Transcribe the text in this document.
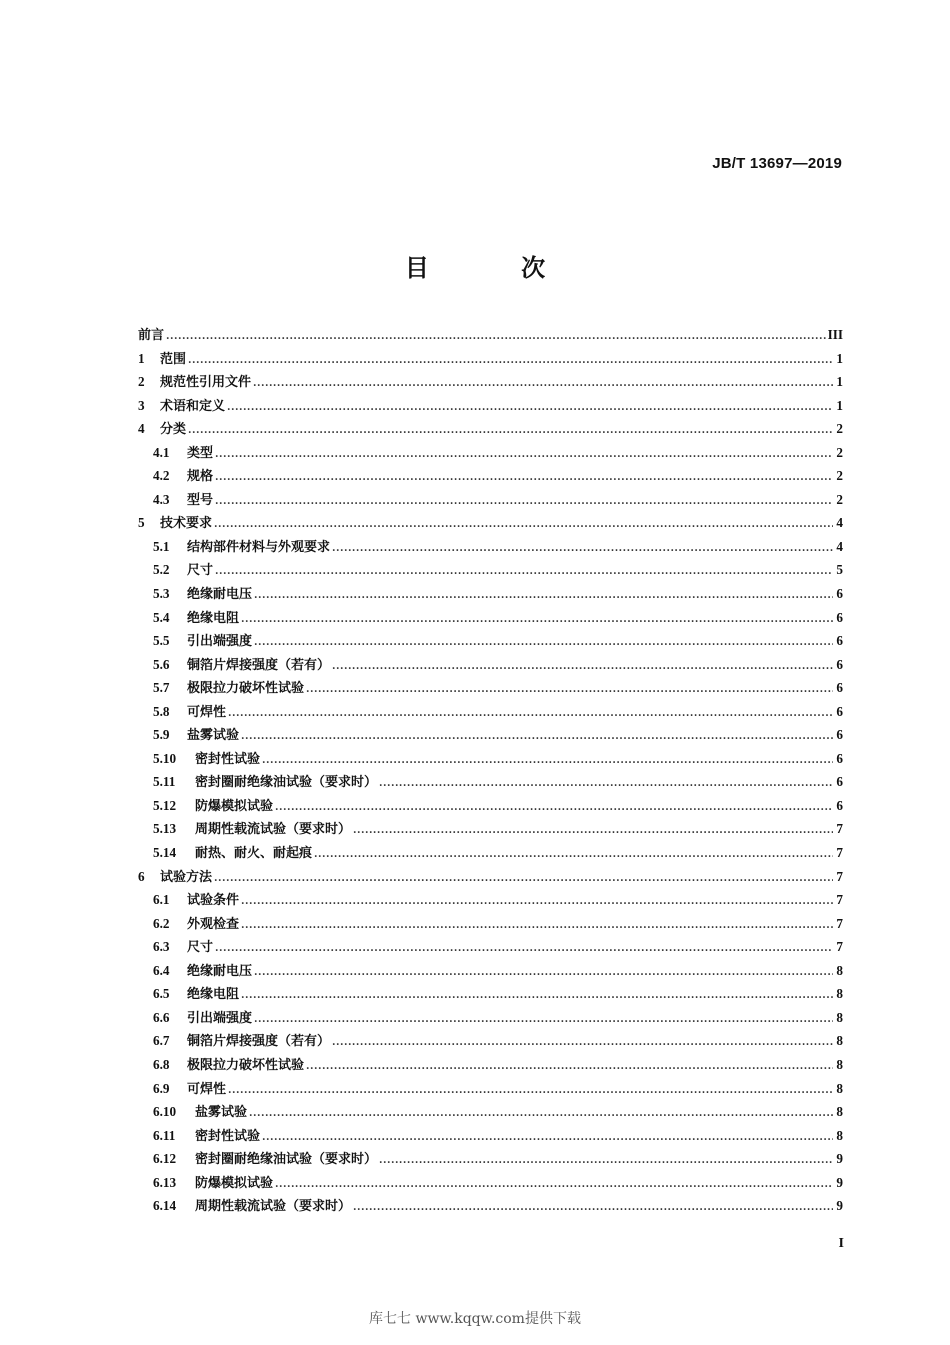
JB/T 13697—2019
目 次
前言 .....	III
1	范围 .....	1
2	规范性引用文件 .....	1
3	术语和定义 .....	1
4	分类 .....	2
4.1	类型 .....	2
4.2	规格 .....	2
4.3	型号 .....	2
5	技术要求 .....	4
5.1	结构部件材料与外观要求 .....	4
5.2	尺寸 .....	5
5.3	绝缘耐电压 .....	6
5.4	绝缘电阻 .....	6
5.5	引出端强度 .....	6
5.6	铜箔片焊接强度（若有） .....	6
5.7	极限拉力破坏性试验 .....	6
5.8	可焊性 .....	6
5.9	盐雾试验 .....	6
5.10	密封性试验 .....	6
5.11	密封圈耐绝缘油试验（要求时） .....	6
5.12	防爆模拟试验 .....	6
5.13	周期性载流试验（要求时） .....	7
5.14	耐热、耐火、耐起痕 .....	7
6	试验方法 .....	7
6.1	试验条件 .....	7
6.2	外观检查 .....	7
6.3	尺寸 .....	7
6.4	绝缘耐电压 .....	8
6.5	绝缘电阻 .....	8
6.6	引出端强度 .....	8
6.7	铜箔片焊接强度（若有） .....	8
6.8	极限拉力破坏性试验 .....	8
6.9	可焊性 .....	8
6.10	盐雾试验 .....	8
6.11	密封性试验 .....	8
6.12	密封圈耐绝缘油试验（要求时） .....	9
6.13	防爆模拟试验 .....	9
6.14	周期性载流试验（要求时） .....	9
I
库七七 www.kqqw.com提供下载
